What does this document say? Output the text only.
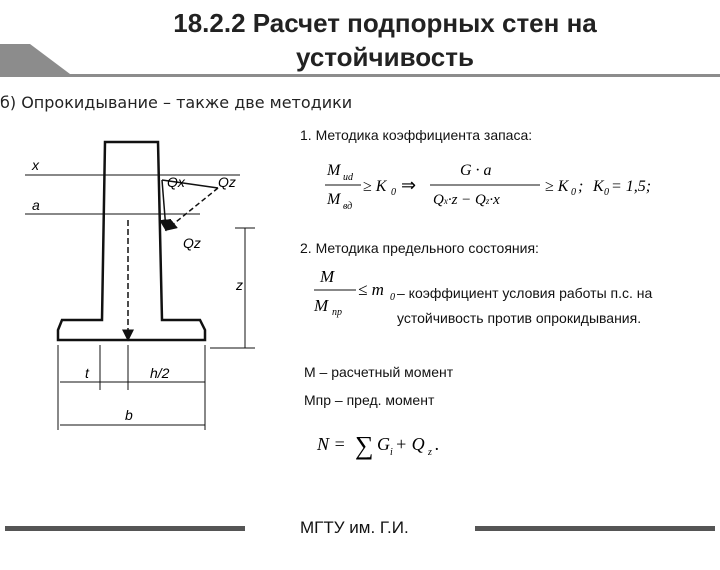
18.2.2 Расчет подпорных стен на
устойчивость
б) Опрокидывание – также две методики
x
a
Qx Qz
Qz
z
t	h/2
b
1. Методика коэффициента запаса:
M ud
M вд
≥ K 0 ⇒
G · a
Qx·z − Qz·x
≥ K 0 ; K 0 = 1,5;
2. Методика предельного состояния:
M
M пр
≤ m 0 – коэффициент условия работы п.с. на
устойчивость против опрокидывания.
М – расчетный момент
Мпр – пред. момент
N = ∑ G i + Q z .
МГТУ им. Г.И.
